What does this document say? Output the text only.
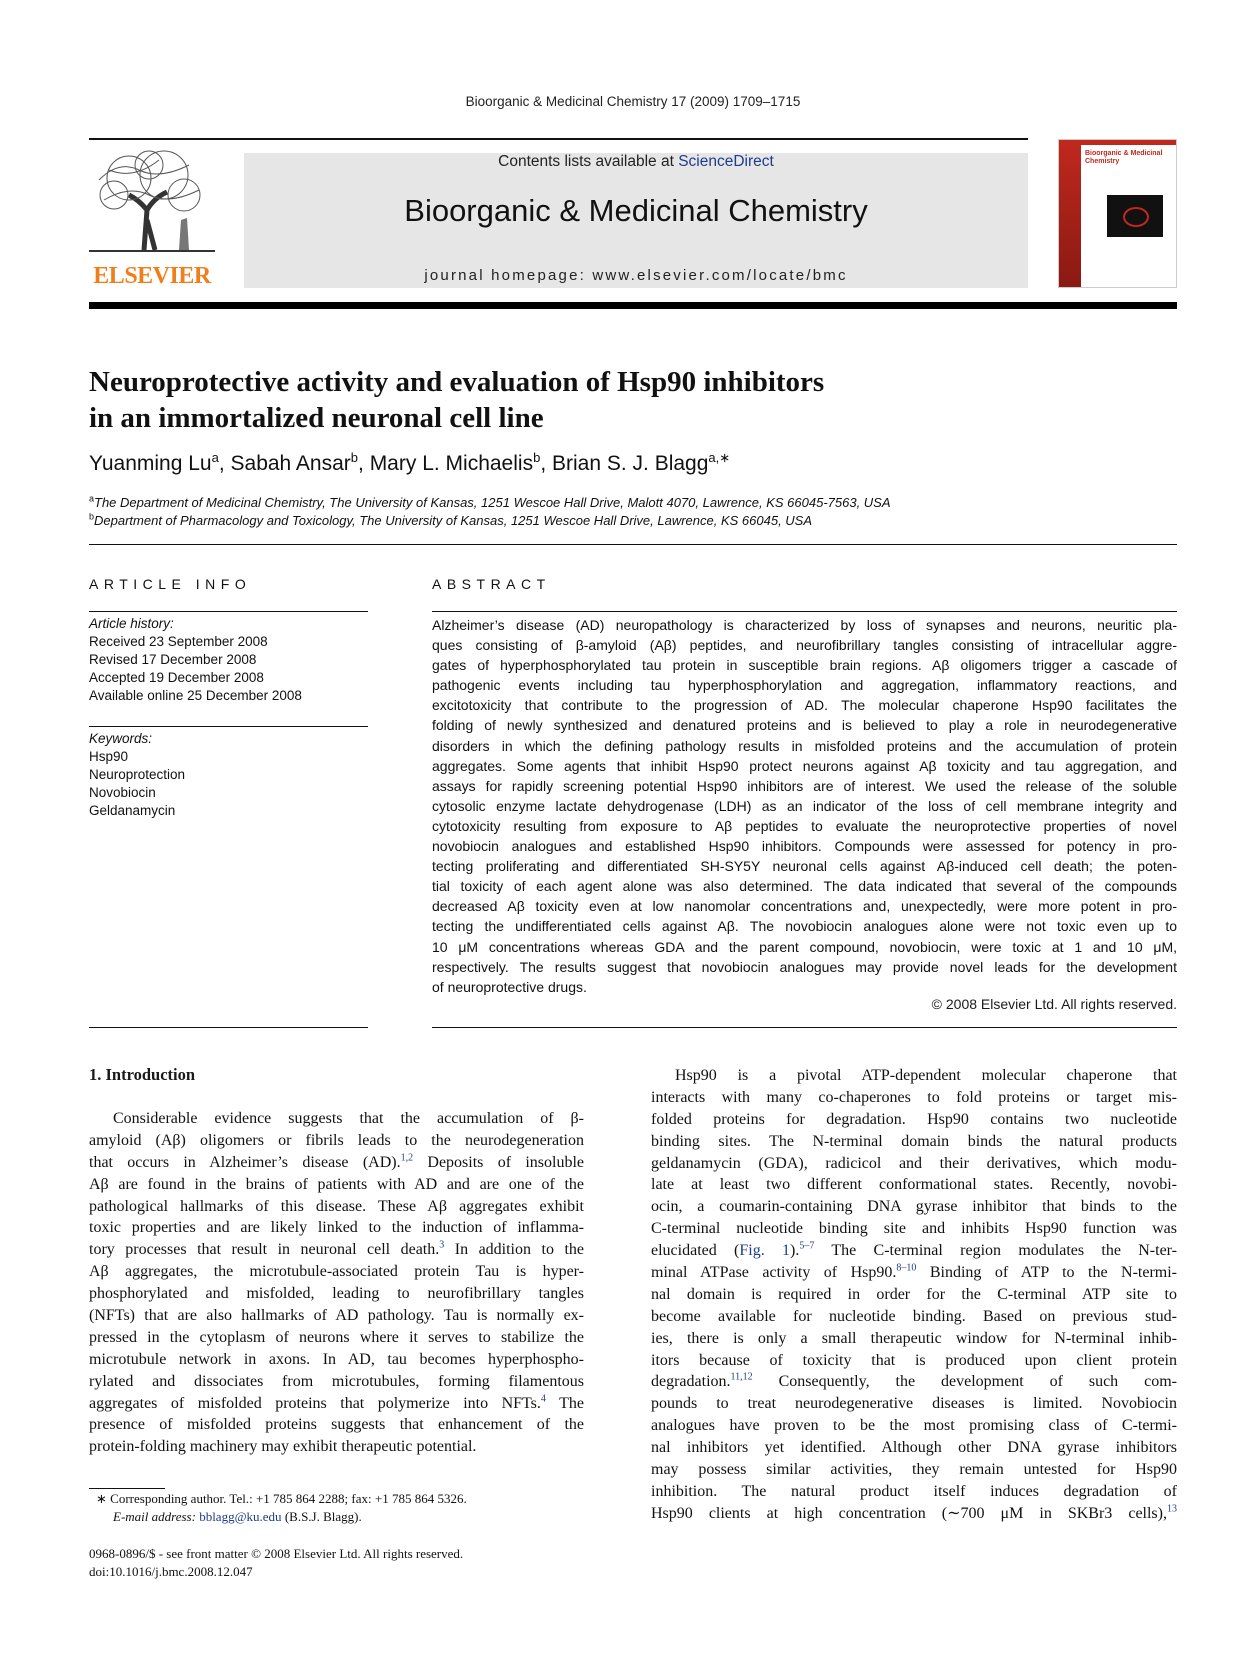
Bioorganic & Medicinal Chemistry 17 (2009) 1709–1715
ELSEVIER
Contents lists available at ScienceDirect
Bioorganic & Medicinal Chemistry
journal homepage: www.elsevier.com/locate/bmc
Bioorganic & Medicinal Chemistry
Neuroprotective activity and evaluation of Hsp90 inhibitors
in an immortalized neuronal cell line
Yuanming Lu$^a$, Sabah Ansar$^b$, Mary L. Michaelis$^b$, Brian S. J. Blagg$^{a,∗}$
$^a$The Department of Medicinal Chemistry, The University of Kansas, 1251 Wescoe Hall Drive, Malott 4070, Lawrence, KS 66045-7563, USA
$^b$Department of Pharmacology and Toxicology, The University of Kansas, 1251 Wescoe Hall Drive, Lawrence, KS 66045, USA
ARTICLE INFO
Article history:
Received 23 September 2008
Revised 17 December 2008
Accepted 19 December 2008
Available online 25 December 2008
Keywords:
Hsp90
Neuroprotection
Novobiocin
Geldanamycin
ABSTRACT
Alzheimer’s disease (AD) neuropathology is characterized by loss of synapses and neurons, neuritic pla-
ques consisting of β-amyloid (Aβ) peptides, and neurofibrillary tangles consisting of intracellular aggre-
gates of hyperphosphorylated tau protein in susceptible brain regions. Aβ oligomers trigger a cascade of
pathogenic events including tau hyperphosphorylation and aggregation, inflammatory reactions, and
excitotoxicity that contribute to the progression of AD. The molecular chaperone Hsp90 facilitates the
folding of newly synthesized and denatured proteins and is believed to play a role in neurodegenerative
disorders in which the defining pathology results in misfolded proteins and the accumulation of protein
aggregates. Some agents that inhibit Hsp90 protect neurons against Aβ toxicity and tau aggregation, and
assays for rapidly screening potential Hsp90 inhibitors are of interest. We used the release of the soluble
cytosolic enzyme lactate dehydrogenase (LDH) as an indicator of the loss of cell membrane integrity and
cytotoxicity resulting from exposure to Aβ peptides to evaluate the neuroprotective properties of novel
novobiocin analogues and established Hsp90 inhibitors. Compounds were assessed for potency in pro-
tecting proliferating and differentiated SH-SY5Y neuronal cells against Aβ-induced cell death; the poten-
tial toxicity of each agent alone was also determined. The data indicated that several of the compounds
decreased Aβ toxicity even at low nanomolar concentrations and, unexpectedly, were more potent in pro-
tecting the undifferentiated cells against Aβ. The novobiocin analogues alone were not toxic even up to
10 μM concentrations whereas GDA and the parent compound, novobiocin, were toxic at 1 and 10 μM,
respectively. The results suggest that novobiocin analogues may provide novel leads for the development
of neuroprotective drugs.
© 2008 Elsevier Ltd. All rights reserved.
1. Introduction
Considerable evidence suggests that the accumulation of β-
amyloid (Aβ) oligomers or fibrils leads to the neurodegeneration
that occurs in Alzheimer’s disease (AD).$^{1,2}$ Deposits of insoluble
Aβ are found in the brains of patients with AD and are one of the
pathological hallmarks of this disease. These Aβ aggregates exhibit
toxic properties and are likely linked to the induction of inflamma-
tory processes that result in neuronal cell death.$^3$ In addition to the
Aβ aggregates, the microtubule-associated protein Tau is hyper-
phosphorylated and misfolded, leading to neurofibrillary tangles
(NFTs) that are also hallmarks of AD pathology. Tau is normally ex-
pressed in the cytoplasm of neurons where it serves to stabilize the
microtubule network in axons. In AD, tau becomes hyperphospho-
rylated and dissociates from microtubules, forming filamentous
aggregates of misfolded proteins that polymerize into NFTs.$^4$ The
presence of misfolded proteins suggests that enhancement of the
protein-folding machinery may exhibit therapeutic potential.
Hsp90 is a pivotal ATP-dependent molecular chaperone that
interacts with many co-chaperones to fold proteins or target mis-
folded proteins for degradation. Hsp90 contains two nucleotide
binding sites. The N-terminal domain binds the natural products
geldanamycin (GDA), radicicol and their derivatives, which modu-
late at least two different conformational states. Recently, novobi-
ocin, a coumarin-containing DNA gyrase inhibitor that binds to the
C-terminal nucleotide binding site and inhibits Hsp90 function was
elucidated (Fig. 1).$^{5-7}$ The C-terminal region modulates the N-ter-
minal ATPase activity of Hsp90.$^{8-10}$ Binding of ATP to the N-termi-
nal domain is required in order for the C-terminal ATP site to
become available for nucleotide binding. Based on previous stud-
ies, there is only a small therapeutic window for N-terminal inhib-
itors because of toxicity that is produced upon client protein
degradation.$^{11,12}$ Consequently, the development of such com-
pounds to treat neurodegenerative diseases is limited. Novobiocin
analogues have proven to be the most promising class of C-termi-
nal inhibitors yet identified. Although other DNA gyrase inhibitors
may possess similar activities, they remain untested for Hsp90
inhibition. The natural product itself induces degradation of
Hsp90 clients at high concentration (∼700 μM in SKBr3 cells),$^{13}$
∗ Corresponding author. Tel.: +1 785 864 2288; fax: +1 785 864 5326.
E-mail address: bblagg@ku.edu (B.S.J. Blagg).
0968-0896/$ - see front matter © 2008 Elsevier Ltd. All rights reserved.
doi:10.1016/j.bmc.2008.12.047
